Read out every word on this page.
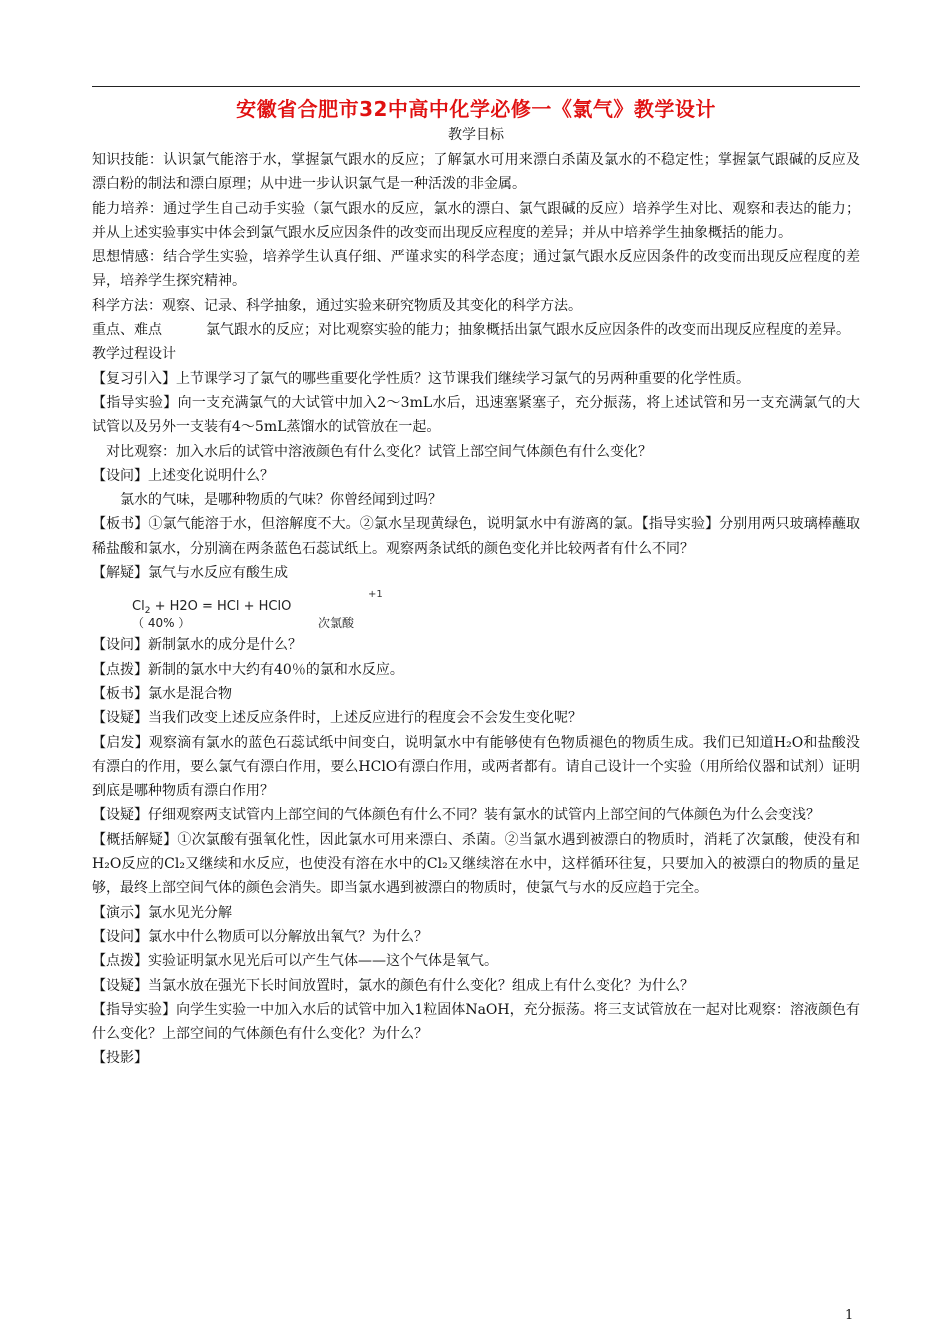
安徽省合肥市32中高中化学必修一《氯气》教学设计
教学目标

知识技能：认识氯气能溶于水，掌握氯气跟水的反应；了解氯水可用来漂白杀菌及氯水的不稳定性；掌握氯气跟碱的反应及漂白粉的制法和漂白原理；从中进一步认识氯气是一种活泼的非金属。

能力培养：通过学生自己动手实验（氯气跟水的反应，氯水的漂白、氯气跟碱的反应）培养学生对比、观察和表达的能力；并从上述实验事实中体会到氯气跟水反应因条件的改变而出现反应程度的差异；并从中培养学生抽象概括的能力。

思想情感：结合学生实验，培养学生认真仔细、严谨求实的科学态度；通过氯气跟水反应因条件的改变而出现反应程度的差异，培养学生探究精神。

科学方法：观察、记录、科学抽象，通过实验来研究物质及其变化的科学方法。

重点、难点	氯气跟水的反应；对比观察实验的能力；抽象概括出氯气跟水反应因条件的改变而出现反应程度的差异。

教学过程设计

【复习引入】上节课学习了氯气的哪些重要化学性质？这节课我们继续学习氯气的另两种重要的化学性质。

【指导实验】向一支充满氯气的大试管中加入2～3mL水后，迅速塞紧塞子，充分振荡，将上述试管和另一支充满氯气的大试管以及另外一支装有4～5mL蒸馏水的试管放在一起。

对比观察：加入水后的试管中溶液颜色有什么变化？试管上部空间气体颜色有什么变化？

【设问】上述变化说明什么？

氯水的气味，是哪种物质的气味？你曾经闻到过吗？

【板书】①氯气能溶于水，但溶解度不大。②氯水呈现黄绿色，说明氯水中有游离的氯。【指导实验】分别用两只玻璃棒蘸取稀盐酸和氯水，分别滴在两条蓝色石蕊试纸上。观察两条试纸的颜色变化并比较两者有什么不同？

【解疑】氯气与水反应有酸生成

+1
$Cl_2 + H2O$ = HCl + HClO
（ 40% ）	次氯酸

【设问】新制氯水的成分是什么？

【点拨】新制的氯水中大约有40％的氯和水反应。

【板书】氯水是混合物

【设疑】当我们改变上述反应条件时，上述反应进行的程度会不会发生变化呢？

【启发】观察滴有氯水的蓝色石蕊试纸中间变白，说明氯水中有能够使有色物质褪色的物质生成。我们已知道H₂O和盐酸没有漂白的作用，要么氯气有漂白作用，要么HClO有漂白作用，或两者都有。请自己设计一个实验（用所给仪器和试剂）证明到底是哪种物质有漂白作用？

【设疑】仔细观察两支试管内上部空间的气体颜色有什么不同？装有氯水的试管内上部空间的气体颜色为什么会变浅？

【概括解疑】①次氯酸有强氧化性，因此氯水可用来漂白、杀菌。②当氯水遇到被漂白的物质时，消耗了次氯酸，使没有和H₂O反应的Cl₂又继续和水反应，也使没有溶在水中的Cl₂又继续溶在水中，这样循环往复，只要加入的被漂白的物质的量足够，最终上部空间气体的颜色会消失。即当氯水遇到被漂白的物质时，使氯气与水的反应趋于完全。

【演示】氯水见光分解

【设问】氯水中什么物质可以分解放出氧气？为什么？

【点拨】实验证明氯水见光后可以产生气体——这个气体是氧气。

【设疑】当氯水放在强光下长时间放置时，氯水的颜色有什么变化？组成上有什么变化？为什么？

【指导实验】向学生实验一中加入水后的试管中加入1粒固体NaOH，充分振荡。将三支试管放在一起对比观察：溶液颜色有什么变化？上部空间的气体颜色有什么变化？为什么？

【投影】

1
